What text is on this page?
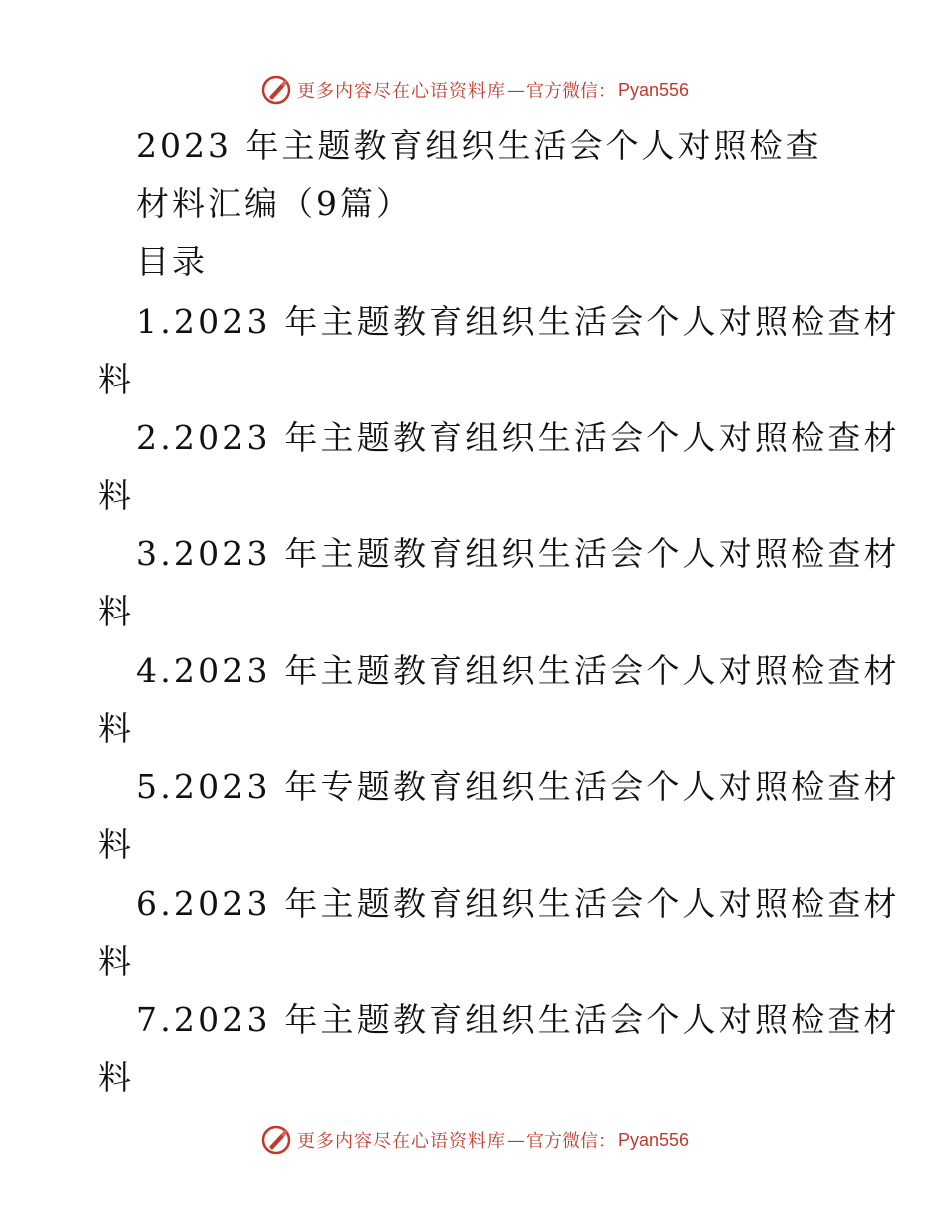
更多内容尽在心语资料库 — 官方微信： Pyan556
2023 年主题教育组织生活会个人对照检查
材料汇编（9篇）
目录
1.2023 年主题教育组织生活会个人对照检查材
料
2.2023 年主题教育组织生活会个人对照检查材
料
3.2023 年主题教育组织生活会个人对照检查材
料
4.2023 年主题教育组织生活会个人对照检查材
料
5.2023 年专题教育组织生活会个人对照检查材
料
6.2023 年主题教育组织生活会个人对照检查材
料
7.2023 年主题教育组织生活会个人对照检查材
料
更多内容尽在心语资料库 — 官方微信： Pyan556
